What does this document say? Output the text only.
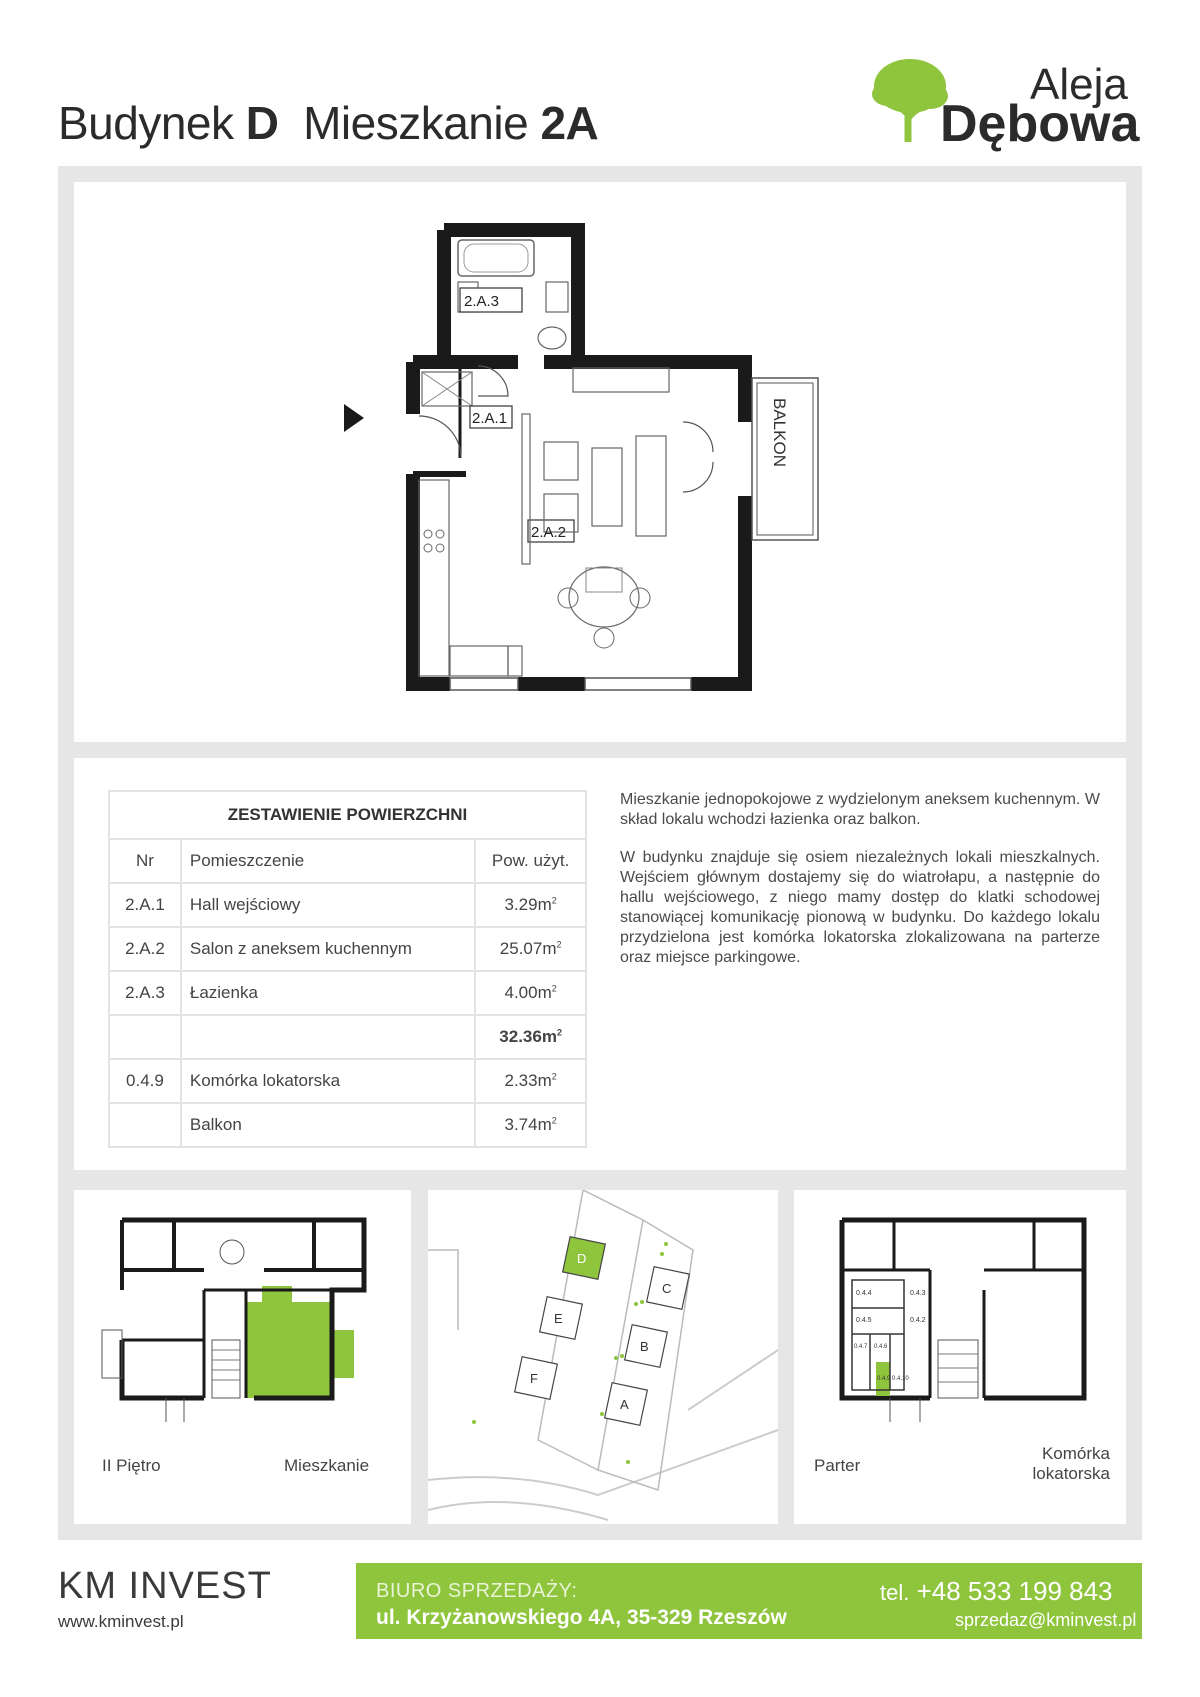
Budynek D Mieszkanie 2A
Aleja
Dębowa
2.A.1
2.A.2
2.A.3
BALKON
ZESTAWIENIE POWIERZCHNI		
Nr	Pomieszczenie	Pow. użyt.
2.A.1	Hall wejściowy	$3.29m^2$
2.A.2	Salon z aneksem kuchennym	$25.07m^2$
2.A.3	Łazienka	$4.00m^2$
		$32.36m^2$
0.4.9	Komórka lokatorska	$2.33m^2$
	Balkon	$3.74m^2$

Mieszkanie jednopokojowe z wydzielonym aneksem kuchennym. W skład lokalu wchodzi łazienka oraz balkon.

W budynku znajduje się osiem niezależnych lokali mieszkalnych. Wejściem głównym dostajemy się do wiatrołapu, a następnie do hallu wejściowego, z niego mamy dostęp do klatki schodowej stanowiącej komunikację pionową w budynku. Do każdego lokalu przydzielona jest komórka lokatorska zlokalizowana na parterze oraz miejsce parkingowe.

II Piętro	Mieszkanie
D
E
F
C
B
A
0.4.4	0.4.3
0.4.5	0.4.2
0.4.7 0.4.6
0.4.9 0.4.10
Parter
Komórka
lokatorska
KM INVEST
www.kminvest.pl
BIURO SPRZEDAŻY:
ul. Krzyżanowskiego 4A, 35-329 Rzeszów
tel. +48 533 199 843
sprzedaz@kminvest.pl
